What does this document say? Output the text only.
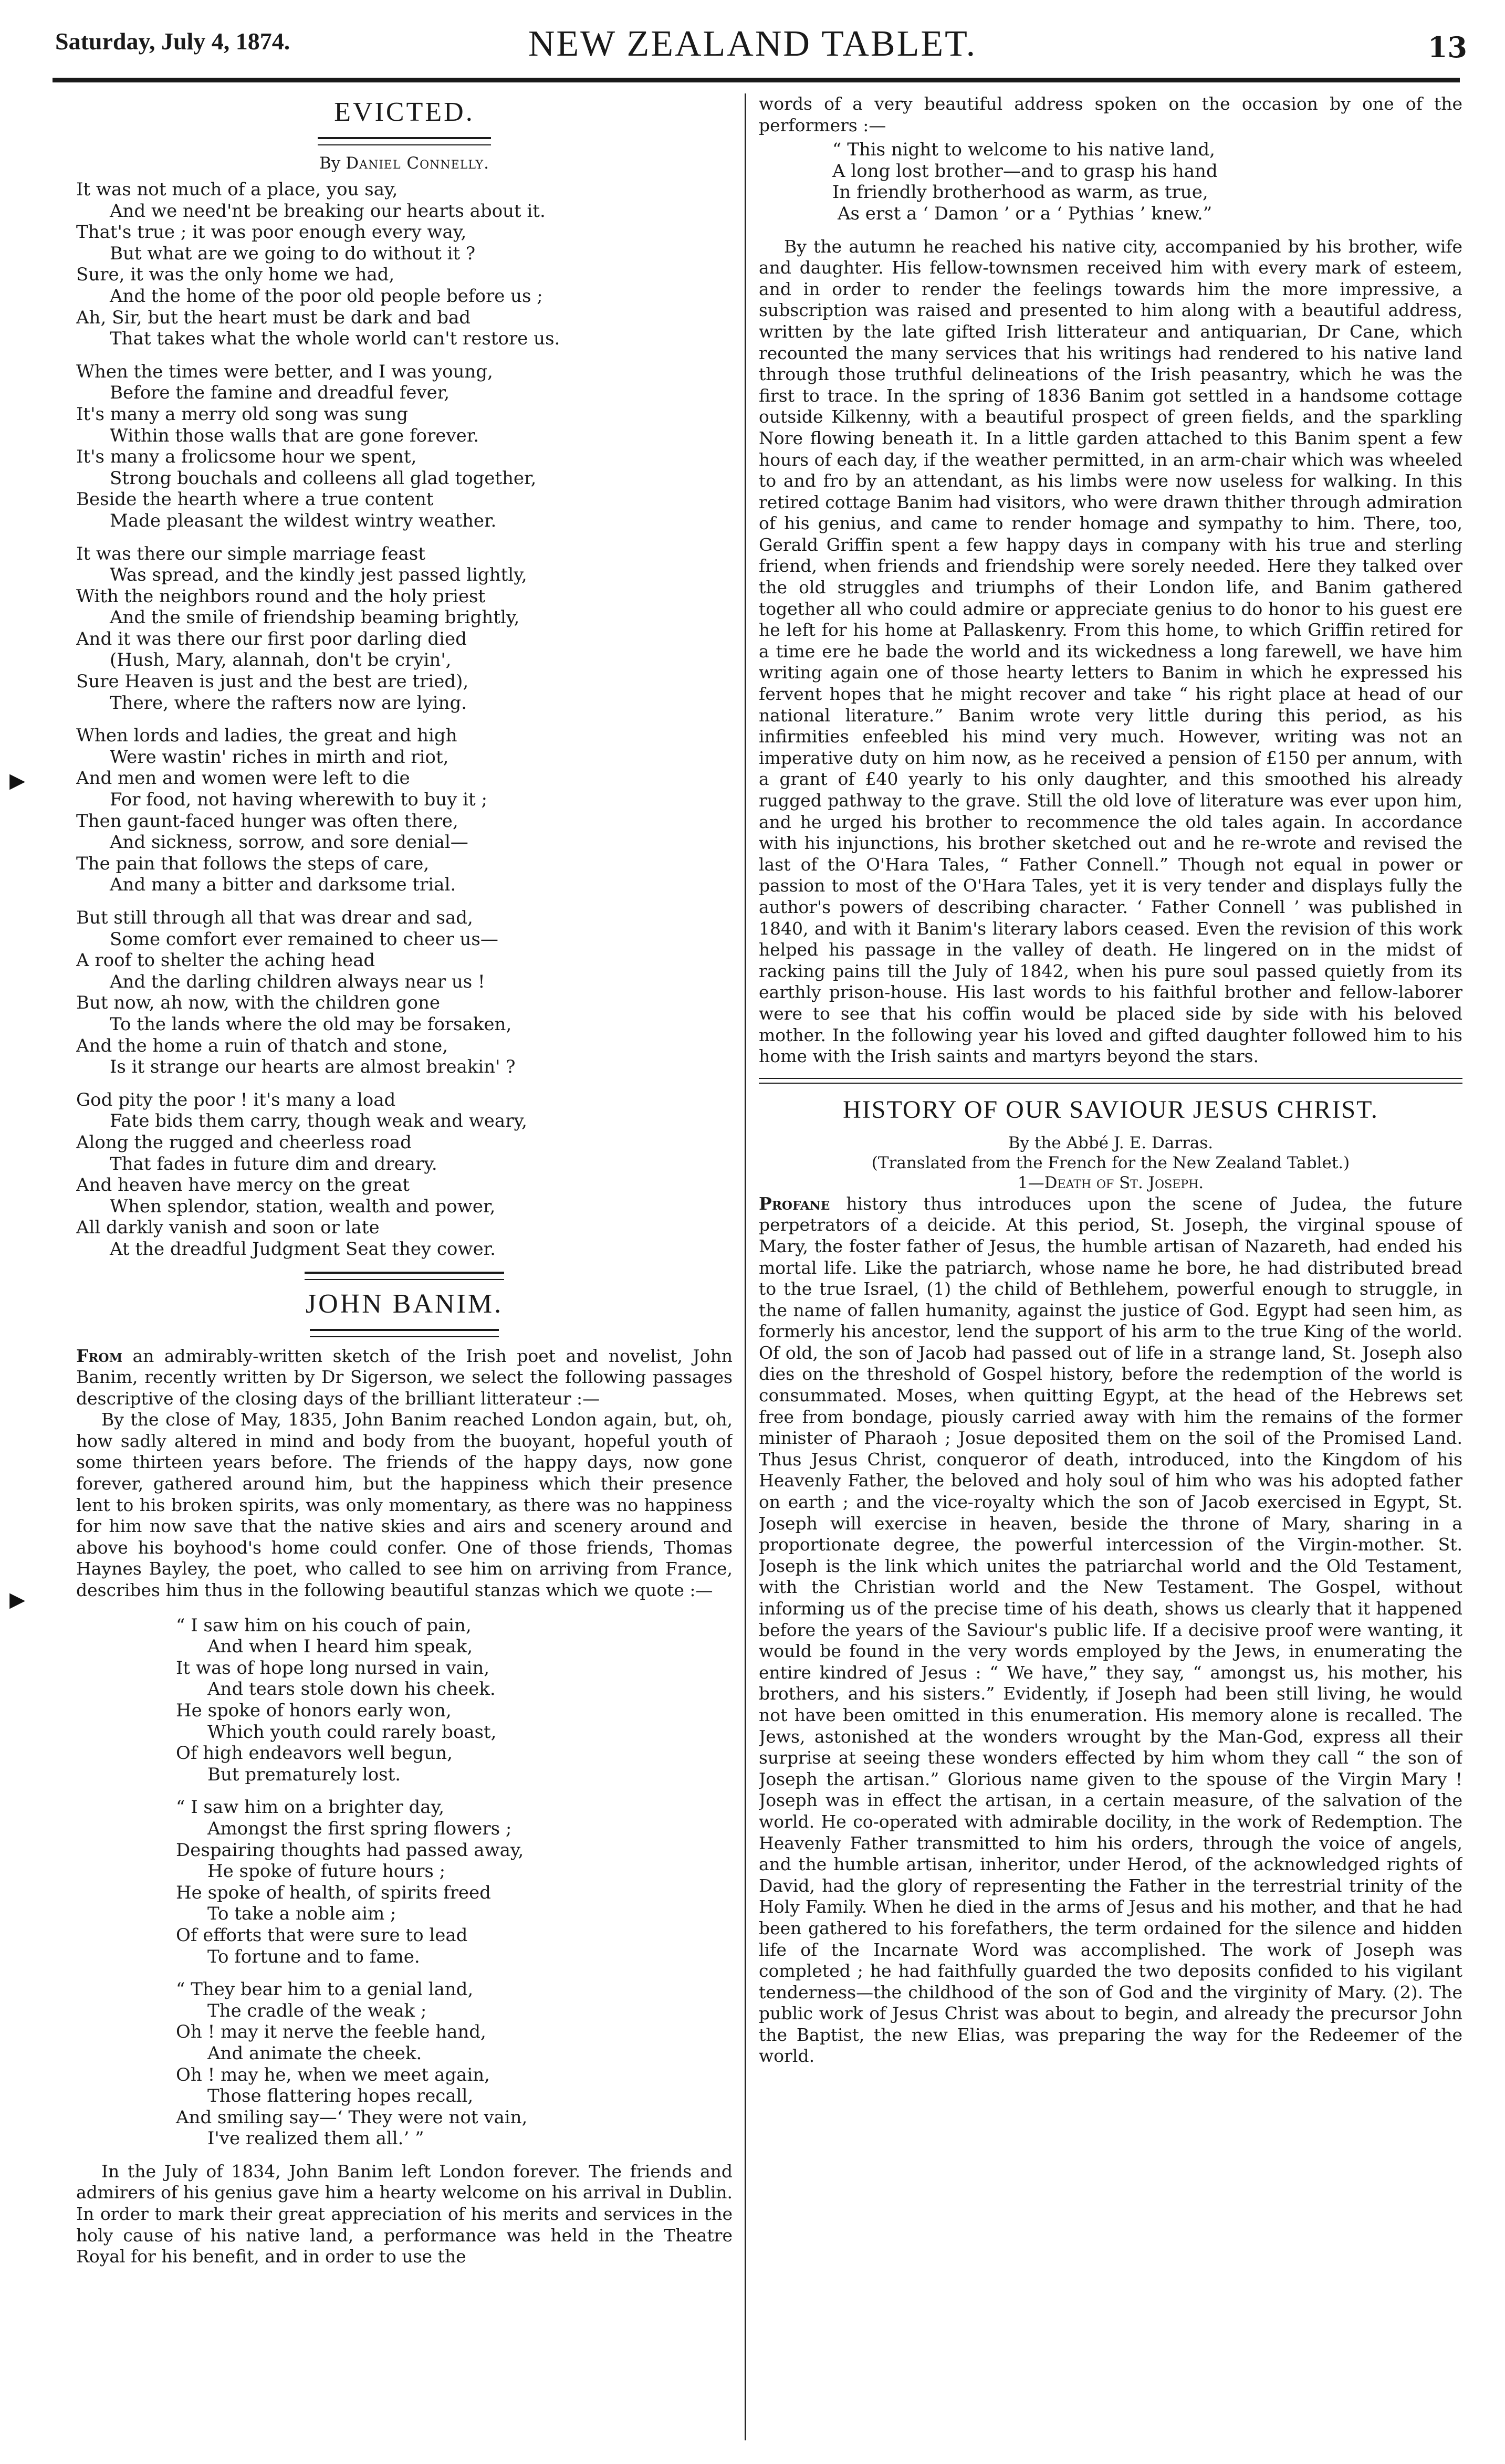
Saturday, July 4, 1874.	NEW ZEALAND TABLET.	13
▸
▸
EVICTED.
By Daniel Connelly.
It was not much of a place, you say,
And we need'nt be breaking our hearts about it.
That's true ; it was poor enough every way,
But what are we going to do without it ?
Sure, it was the only home we had,
And the home of the poor old people before us ;
Ah, Sir, but the heart must be dark and bad
That takes what the whole world can't restore us.
When the times were better, and I was young,
Before the famine and dreadful fever,
It's many a merry old song was sung
Within those walls that are gone forever.
It's many a frolicsome hour we spent,
Strong bouchals and colleens all glad together,
Beside the hearth where a true content
Made pleasant the wildest wintry weather.
It was there our simple marriage feast
Was spread, and the kindly jest passed lightly,
With the neighbors round and the holy priest
And the smile of friendship beaming brightly,
And it was there our first poor darling died
(Hush, Mary, alannah, don't be cryin',
Sure Heaven is just and the best are tried),
There, where the rafters now are lying.
When lords and ladies, the great and high
Were wastin' riches in mirth and riot,
And men and women were left to die
For food, not having wherewith to buy it ;
Then gaunt-faced hunger was often there,
And sickness, sorrow, and sore denial—
The pain that follows the steps of care,
And many a bitter and darksome trial.
But still through all that was drear and sad,
Some comfort ever remained to cheer us—
A roof to shelter the aching head
And the darling children always near us !
But now, ah now, with the children gone
To the lands where the old may be forsaken,
And the home a ruin of thatch and stone,
Is it strange our hearts are almost breakin' ?
God pity the poor ! it's many a load
Fate bids them carry, though weak and weary,
Along the rugged and cheerless road
That fades in future dim and dreary.
And heaven have mercy on the great
When splendor, station, wealth and power,
All darkly vanish and soon or late
At the dreadful Judgment Seat they cower.
JOHN BANIM.

From an admirably-written sketch of the Irish poet and novelist, John Banim, recently written by Dr Sigerson, we select the following passages descriptive of the closing days of the brilliant litterateur :—

By the close of May, 1835, John Banim reached London again, but, oh, how sadly altered in mind and body from the buoyant, hopeful youth of some thirteen years before. The friends of the happy days, now gone forever, gathered around him, but the happiness which their presence lent to his broken spirits, was only momentary, as there was no happiness for him now save that the native skies and airs and scenery around and above his boyhood's home could confer. One of those friends, Thomas Haynes Bayley, the poet, who called to see him on arriving from France, describes him thus in the following beautiful stanzas which we quote :—

“ I saw him on his couch of pain,
And when I heard him speak,
It was of hope long nursed in vain,
And tears stole down his cheek.
He spoke of honors early won,
Which youth could rarely boast,
Of high endeavors well begun,
But prematurely lost.
“ I saw him on a brighter day,
Amongst the first spring flowers ;
Despairing thoughts had passed away,
He spoke of future hours ;
He spoke of health, of spirits freed
To take a noble aim ;
Of efforts that were sure to lead
To fortune and to fame.
“ They bear him to a genial land,
The cradle of the weak ;
Oh ! may it nerve the feeble hand,
And animate the cheek.
Oh ! may he, when we meet again,
Those flattering hopes recall,
And smiling say—‘ They were not vain,
I've realized them all.’ ”

In the July of 1834, John Banim left London forever. The friends and admirers of his genius gave him a hearty welcome on his arrival in Dublin. In order to mark their great appreciation of his merits and services in the holy cause of his native land, a performance was held in the Theatre Royal for his benefit, and in order to use the

words of a very beautiful address spoken on the occasion by one of the performers :—

“ This night to welcome to his native land,
A long lost brother—and to grasp his hand
In friendly brotherhood as warm, as true,
As erst a ‘ Damon ’ or a ‘ Pythias ’ knew.”

By the autumn he reached his native city, accompanied by his brother, wife and daughter. His fellow-townsmen received him with every mark of esteem, and in order to render the feelings towards him the more impressive, a subscription was raised and presented to him along with a beautiful address, written by the late gifted Irish litterateur and antiquarian, Dr Cane, which recounted the many services that his writings had rendered to his native land through those truthful delineations of the Irish peasantry, which he was the first to trace. In the spring of 1836 Banim got settled in a handsome cottage outside Kilkenny, with a beautiful prospect of green fields, and the sparkling Nore flowing beneath it. In a little garden attached to this Banim spent a few hours of each day, if the weather permitted, in an arm-chair which was wheeled to and fro by an attendant, as his limbs were now useless for walking. In this retired cottage Banim had visitors, who were drawn thither through admiration of his genius, and came to render homage and sympathy to him. There, too, Gerald Griffin spent a few happy days in company with his true and sterling friend, when friends and friendship were sorely needed. Here they talked over the old struggles and triumphs of their London life, and Banim gathered together all who could admire or appreciate genius to do honor to his guest ere he left for his home at Pallaskenry. From this home, to which Griffin retired for a time ere he bade the world and its wickedness a long farewell, we have him writing again one of those hearty letters to Banim in which he expressed his fervent hopes that he might recover and take “ his right place at head of our national literature.” Banim wrote very little during this period, as his infirmities enfeebled his mind very much. However, writing was not an imperative duty on him now, as he received a pension of £150 per annum, with a grant of £40 yearly to his only daughter, and this smoothed his already rugged pathway to the grave. Still the old love of literature was ever upon him, and he urged his brother to recommence the old tales again. In accordance with his injunctions, his brother sketched out and he re-wrote and revised the last of the O'Hara Tales, “ Father Connell.” Though not equal in power or passion to most of the O'Hara Tales, yet it is very tender and displays fully the author's powers of describing character. ‘ Father Connell ’ was published in 1840, and with it Banim's literary labors ceased. Even the revision of this work helped his passage in the valley of death. He lingered on in the midst of racking pains till the July of 1842, when his pure soul passed quietly from its earthly prison-house. His last words to his faithful brother and fellow-laborer were to see that his coffin would be placed side by side with his beloved mother. In the following year his loved and gifted daughter followed him to his home with the Irish saints and martyrs beyond the stars.

HISTORY OF OUR SAVIOUR JESUS CHRIST.
By the Abbé J. E. Darras.
(Translated from the French for the New Zealand Tablet.)
1—Death of St. Joseph.

Profane history thus introduces upon the scene of Judea, the future perpetrators of a deicide. At this period, St. Joseph, the virginal spouse of Mary, the foster father of Jesus, the humble artisan of Nazareth, had ended his mortal life. Like the patriarch, whose name he bore, he had distributed bread to the true Israel, (1) the child of Bethlehem, powerful enough to struggle, in the name of fallen humanity, against the justice of God. Egypt had seen him, as formerly his ancestor, lend the support of his arm to the true King of the world. Of old, the son of Jacob had passed out of life in a strange land, St. Joseph also dies on the threshold of Gospel history, before the redemption of the world is consummated. Moses, when quitting Egypt, at the head of the Hebrews set free from bondage, piously carried away with him the remains of the former minister of Pharaoh ; Josue deposited them on the soil of the Promised Land. Thus Jesus Christ, conqueror of death, introduced, into the Kingdom of his Heavenly Father, the beloved and holy soul of him who was his adopted father on earth ; and the vice-royalty which the son of Jacob exercised in Egypt, St. Joseph will exercise in heaven, beside the throne of Mary, sharing in a proportionate degree, the powerful intercession of the Virgin-mother. St. Joseph is the link which unites the patriarchal world and the Old Testament, with the Christian world and the New Testament. The Gospel, without informing us of the precise time of his death, shows us clearly that it happened before the years of the Saviour's public life. If a decisive proof were wanting, it would be found in the very words employed by the Jews, in enumerating the entire kindred of Jesus : “ We have,” they say, “ amongst us, his mother, his brothers, and his sisters.” Evidently, if Joseph had been still living, he would not have been omitted in this enumeration. His memory alone is recalled. The Jews, astonished at the wonders wrought by the Man-God, express all their surprise at seeing these wonders effected by him whom they call “ the son of Joseph the artisan.” Glorious name given to the spouse of the Virgin Mary ! Joseph was in effect the artisan, in a certain measure, of the salvation of the world. He co-operated with admirable docility, in the work of Redemption. The Heavenly Father transmitted to him his orders, through the voice of angels, and the humble artisan, inheritor, under Herod, of the acknowledged rights of David, had the glory of representing the Father in the terrestrial trinity of the Holy Family. When he died in the arms of Jesus and his mother, and that he had been gathered to his forefathers, the term ordained for the silence and hidden life of the Incarnate Word was accomplished. The work of Joseph was completed ; he had faithfully guarded the two deposits confided to his vigilant tenderness—the childhood of the son of God and the virginity of Mary. (2). The public work of Jesus Christ was about to begin, and already the precursor John the Baptist, the new Elias, was preparing the way for the Redeemer of the world.
